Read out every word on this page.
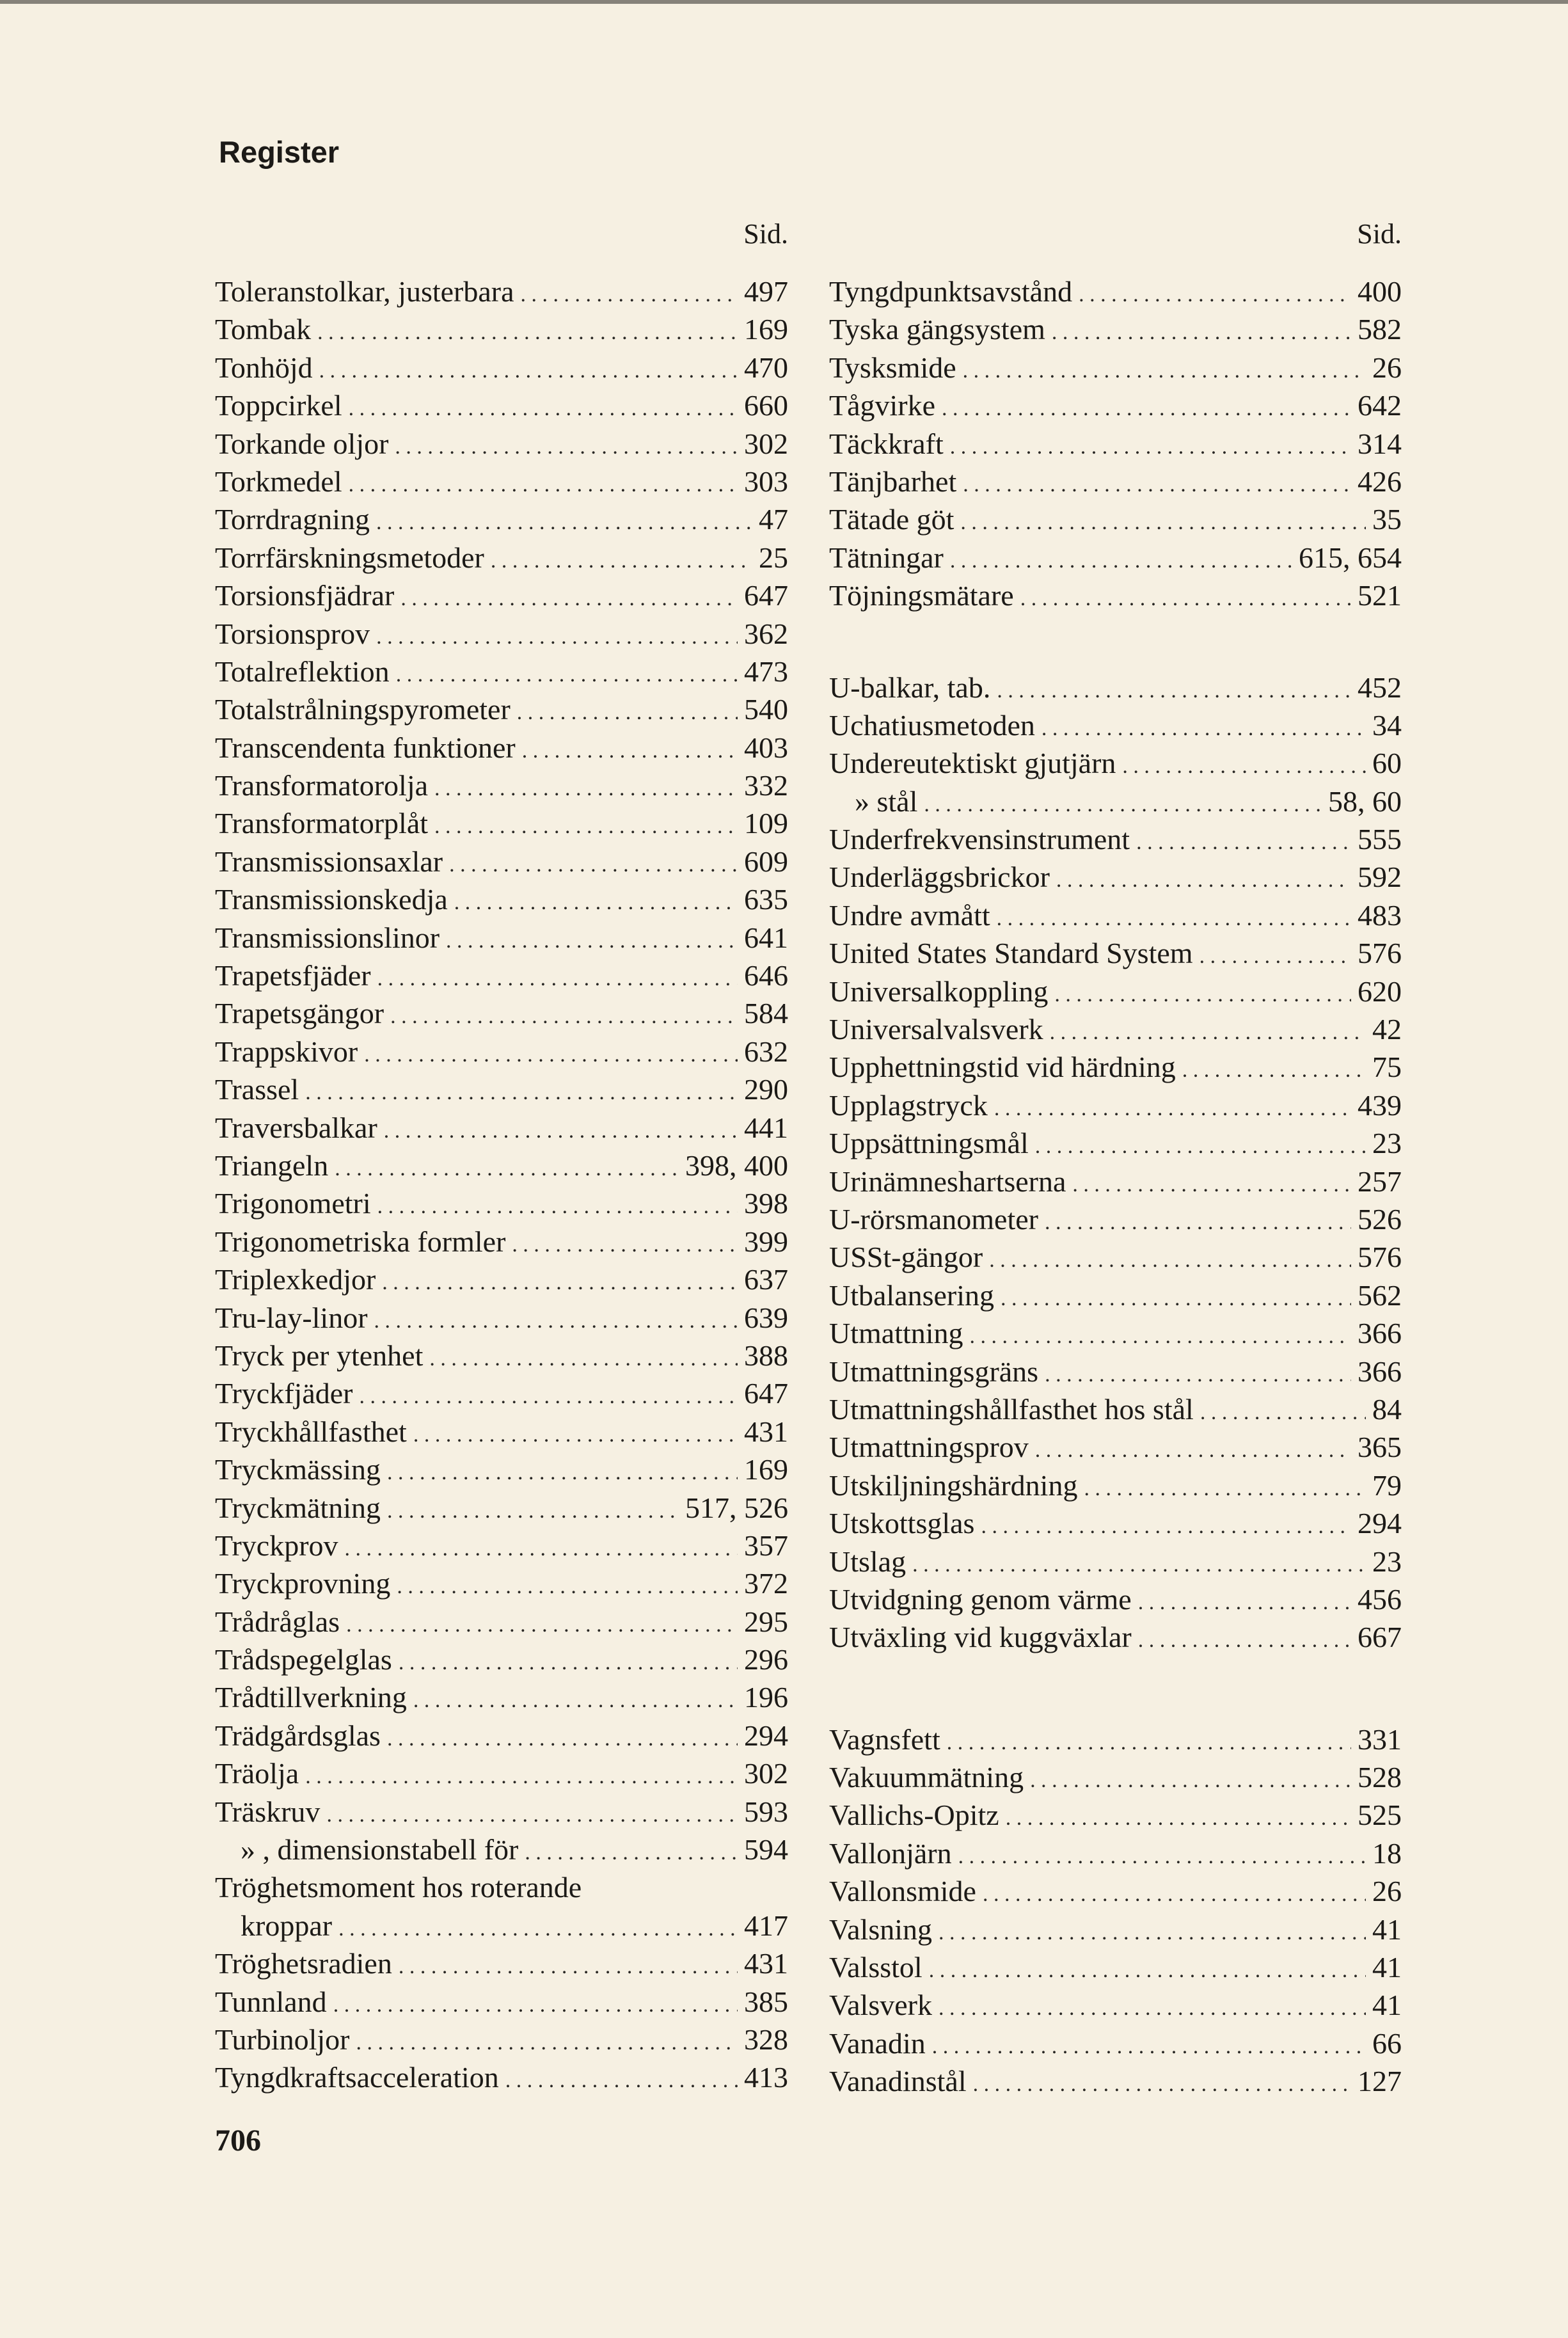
Register
Sid.
Toleranstolkar, justerbara . . .	497
Tombak . . .	169
Tonhöjd . . .	470
Toppcirkel . . .	660
Torkande oljor . . .	302
Torkmedel . . .	303
Torrdragning . . .	47
Torrfärskningsmetoder . . .	25
Torsionsfjädrar . . .	647
Torsionsprov . . .	362
Totalreflektion . . .	473
Totalstrålningspyrometer . . .	540
Transcendenta funktioner . . .	403
Transformatorolja . . .	332
Transformatorplåt . . .	109
Transmissionsaxlar . . .	609
Transmissionskedja . . .	635
Transmissionslinor . . .	641
Trapetsfjäder . . .	646
Trapetsgängor . . .	584
Trappskivor . . .	632
Trassel . . .	290
Traversbalkar . . .	441
Triangeln . . .	398, 400
Trigonometri . . .	398
Trigonometriska formler . . .	399
Triplexkedjor . . .	637
Tru-lay-linor . . .	639
Tryck per ytenhet . . .	388
Tryckfjäder . . .	647
Tryckhållfasthet . . .	431
Tryckmässing . . .	169
Tryckmätning . . .	517, 526
Tryckprov . . .	357
Tryckprovning . . .	372
Trådråglas . . .	295
Trådspegelglas . . .	296
Trådtillverkning . . .	196
Trädgårdsglas . . .	294
Träolja . . .	302
Träskruv . . .	593
» , dimensionstabell för . . .	594
Tröghetsmoment hos roterande
kroppar . . .	417
Tröghetsradien . . .	431
Tunnland . . .	385
Turbinoljor . . .	328
Tyngdkraftsacceleration . . .	413
Sid.
Tyngdpunktsavstånd . . .	400
Tyska gängsystem . . .	582
Tysksmide . . .	26
Tågvirke . . .	642
Täckkraft . . .	314
Tänjbarhet . . .	426
Tätade göt . . .	35
Tätningar . . .	615, 654
Töjningsmätare . . .	521
U-balkar, tab. . . .	452
Uchatiusmetoden . . .	34
Undereutektiskt gjutjärn . . .	60
» stål . . .	58, 60
Underfrekvensinstrument . . .	555
Underläggsbrickor . . .	592
Undre avmått . . .	483
United States Standard System . . .	576
Universalkoppling . . .	620
Universalvalsverk . . .	42
Upphettningstid vid härdning . . .	75
Upplagstryck . . .	439
Uppsättningsmål . . .	23
Urinämneshartserna . . .	257
U-rörsmanometer . . .	526
USSt-gängor . . .	576
Utbalansering . . .	562
Utmattning . . .	366
Utmattningsgräns . . .	366
Utmattningshållfasthet hos stål . . .	84
Utmattningsprov . . .	365
Utskiljningshärdning . . .	79
Utskottsglas . . .	294
Utslag . . .	23
Utvidgning genom värme . . .	456
Utväxling vid kuggväxlar . . .	667
Vagnsfett . . .	331
Vakuummätning . . .	528
Vallichs-Opitz . . .	525
Vallonjärn . . .	18
Vallonsmide . . .	26
Valsning . . .	41
Valsstol . . .	41
Valsverk . . .	41
Vanadin . . .	66
Vanadinstål . . .	127
706
